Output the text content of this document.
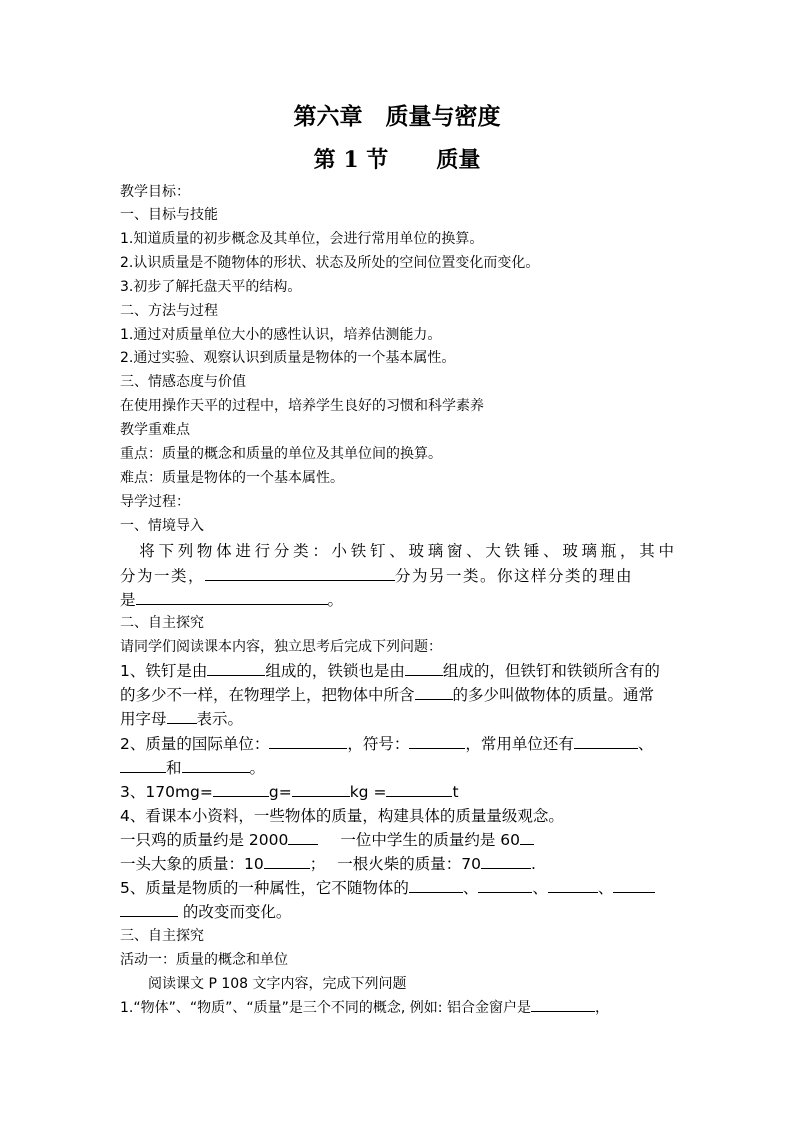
第六章　质量与密度
第 1 节 质量
教学目标：
一、目标与技能
1.知道质量的初步概念及其单位，会进行常用单位的换算。
2.认识质量是不随物体的形状、状态及所处的空间位置变化而变化。
3.初步了解托盘天平的结构。
二、方法与过程
1.通过对质量单位大小的感性认识，培养估测能力。
2.通过实验、观察认识到质量是物体的一个基本属性。
三、情感态度与价值
在使用操作天平的过程中，培养学生良好的习惯和科学素养
教学重难点
重点：质量的概念和质量的单位及其单位间的换算。
难点：质量是物体的一个基本属性。
导学过程：
一、情境导入
　将下列物体进行分类：小铁钉、玻璃窗、大铁锤、玻璃瓶，其中
分为一类，	分为另一类。你这样分类的理由
是	。
二、自主探究
请同学们阅读课本内容，独立思考后完成下列问题：
1、铁钉是由	组成的，铁锁也是由 组成的，但铁钉和铁锁所含有的
的多少不一样，在物理学上，把物体中所含 的多少叫做物体的质量。通常
用字母 表示。
2、质量的国际单位：	，符号：	，常用单位还有	、
和	。
3、170mg=	g=	kg =	t
4、看课本小资料，一些物体的质量，构建具体的质量量级观念。
一只鸡的质量约是 2000	一位中学生的质量约是 60
一头大象的质量：10	； 一根火柴的质量：70	.
5、质量是物质的一种属性，它不随物体的	、	、	、
的改变而变化。
三、自主探究
活动一：质量的概念和单位
　　阅读课文 P 108 文字内容，完成下列问题
1.“物体”、“物质”、“质量”是三个不同的概念, 例如: 铝合金窗户是	，
